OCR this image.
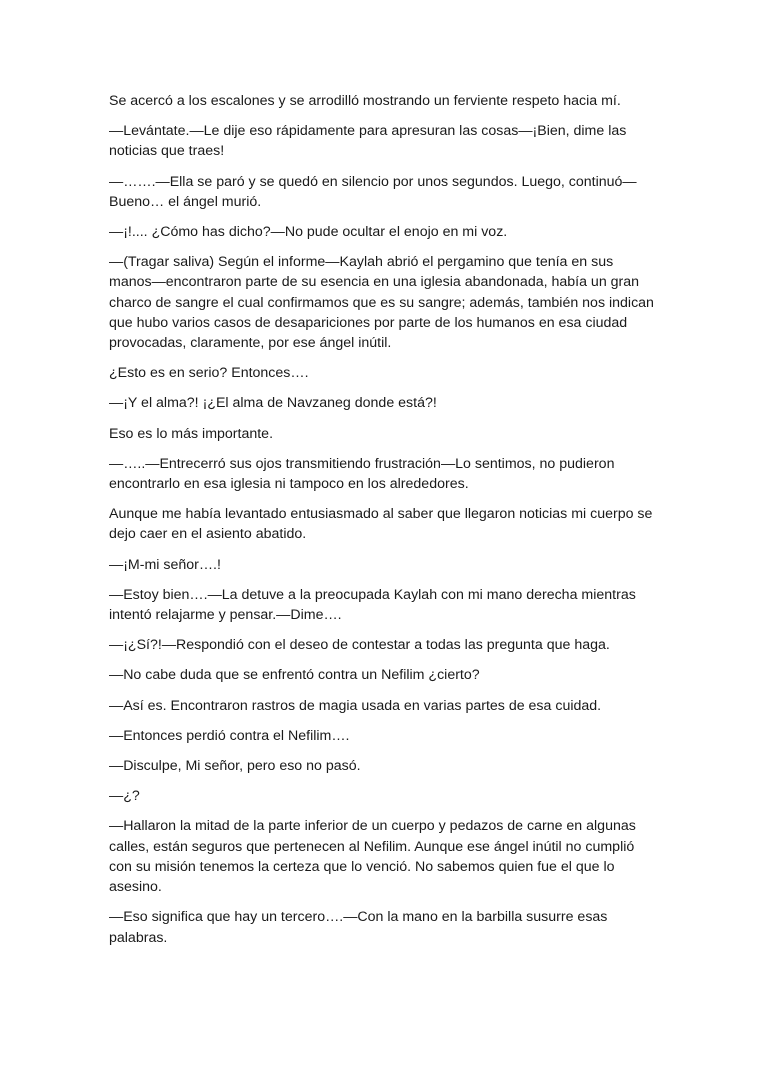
Se acercó a los escalones y se arrodilló mostrando un ferviente respeto hacia mí.

—Levántate.—Le dije eso rápidamente para apresuran las cosas—¡Bien, dime las noticias que traes!

—…….—Ella se paró y se quedó en silencio por unos segundos. Luego, continuó—Bueno… el ángel murió.

—¡!.... ¿Cómo has dicho?—No pude ocultar el enojo en mi voz.

—(Tragar saliva) Según el informe—Kaylah abrió el pergamino que tenía en sus manos—encontraron parte de su esencia en una iglesia abandonada, había un gran charco de sangre el cual confirmamos que es su sangre; además, también nos indican que hubo varios casos de desapariciones por parte de los humanos en esa ciudad provocadas, claramente, por ese ángel inútil.

¿Esto es en serio? Entonces….

—¡Y el alma?! ¡¿El alma de Navzaneg donde está?!

Eso es lo más importante.

—…..—Entrecerró sus ojos transmitiendo frustración—Lo sentimos, no pudieron encontrarlo en esa iglesia ni tampoco en los alrededores.

Aunque me había levantado entusiasmado al saber que llegaron noticias mi cuerpo se dejo caer en el asiento abatido.

—¡M-mi señor….!

—Estoy bien….—La detuve a la preocupada Kaylah con mi mano derecha mientras intentó relajarme y pensar.—Dime….

—¡¿Sí?!—Respondió con el deseo de contestar a todas las pregunta que haga.

—No cabe duda que se enfrentó contra un Nefilim ¿cierto?

—Así es. Encontraron rastros de magia usada en varias partes de esa cuidad.

—Entonces perdió contra el Nefilim….

—Disculpe, Mi señor, pero eso no pasó.

—¿?

—Hallaron la mitad de la parte inferior de un cuerpo y pedazos de carne en algunas calles, están seguros que pertenecen al Nefilim. Aunque ese ángel inútil no cumplió con su misión tenemos la certeza que lo venció. No sabemos quien fue el que lo asesino.

—Eso significa que hay un tercero….—Con la mano en la barbilla susurre esas palabras.
